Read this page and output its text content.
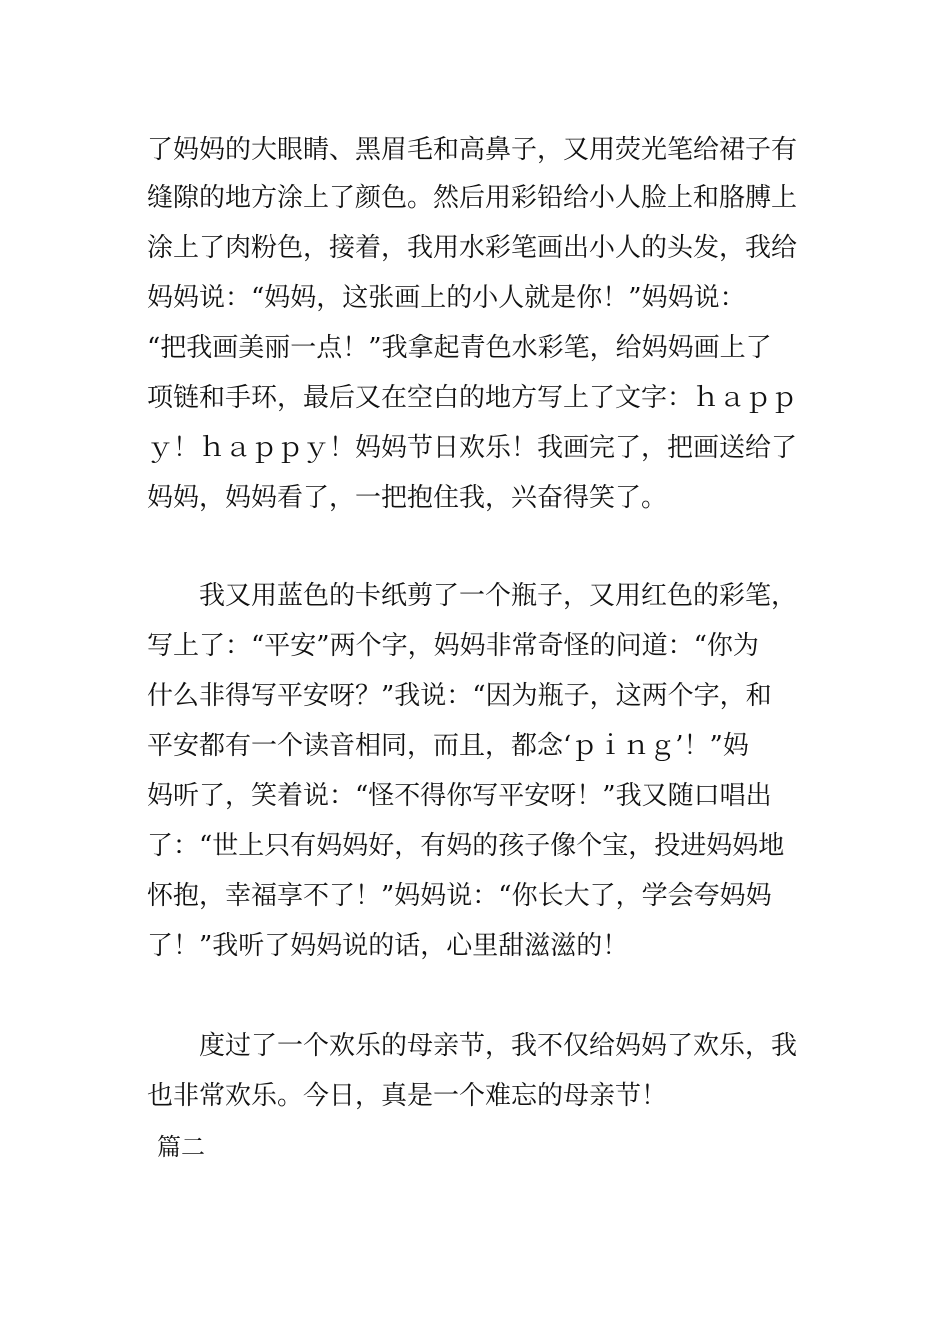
了妈妈的大眼睛、黑眉毛和高鼻子，又用荧光笔给裙子有
缝隙的地方涂上了颜色。然后用彩铅给小人脸上和胳膊上
涂上了肉粉色，接着，我用水彩笔画出小人的头发，我给
妈妈说：“妈妈，这张画上的小人就是你！”妈妈说：
“把我画美丽一点！”我拿起青色水彩笔，给妈妈画上了
项链和手环，最后又在空白的地方写上了文字：ｈａｐｐ
ｙ！ｈａｐｐｙ！妈妈节日欢乐！我画完了，把画送给了
妈妈，妈妈看了，一把抱住我，兴奋得笑了。
　　我又用蓝色的卡纸剪了一个瓶子，又用红色的彩笔，
写上了：“平安”两个字，妈妈非常奇怪的问道：“你为
什么非得写平安呀？”我说：“因为瓶子，这两个字，和
平安都有一个读音相同，而且，都念‘ｐｉｎｇ’！”妈
妈听了，笑着说：“怪不得你写平安呀！”我又随口唱出
了：“世上只有妈妈好，有妈的孩子像个宝，投进妈妈地
怀抱，幸福享不了！”妈妈说：“你长大了，学会夸妈妈
了！”我听了妈妈说的话，心里甜滋滋的！
　　度过了一个欢乐的母亲节，我不仅给妈妈了欢乐，我
也非常欢乐。今日，真是一个难忘的母亲节！
篇二
